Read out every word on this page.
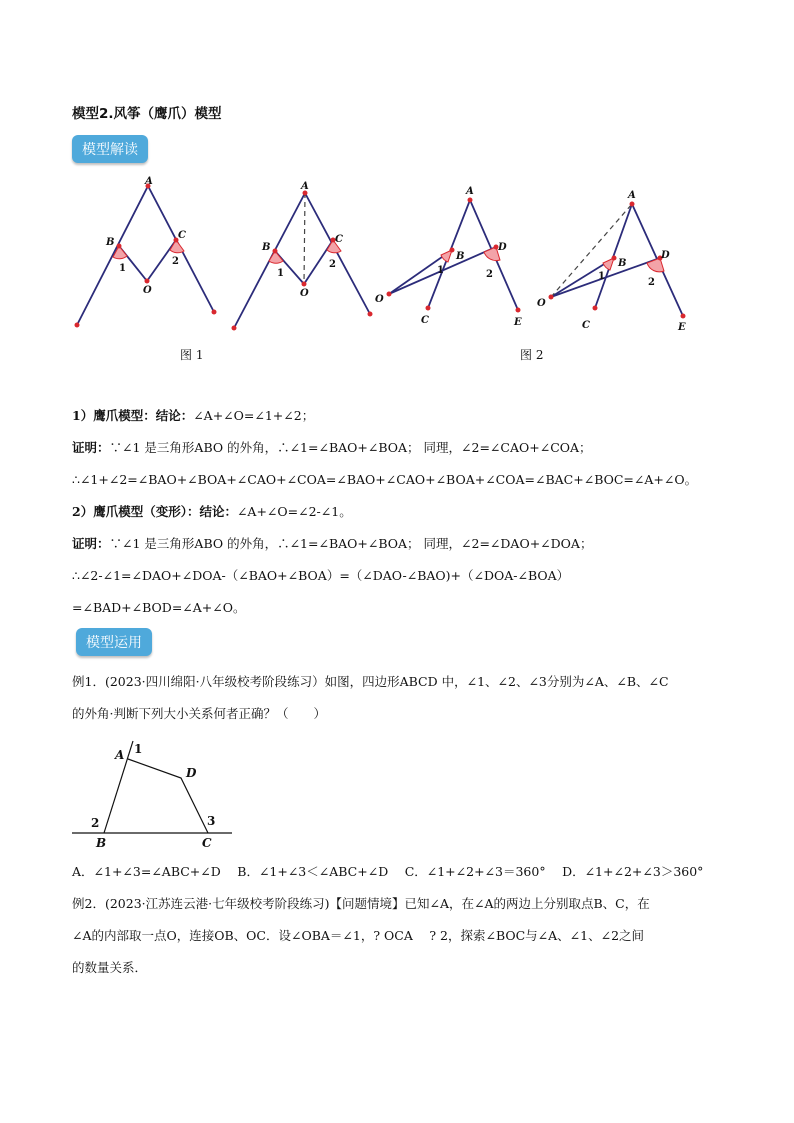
模型2.风筝（鹰爪）模型
模型解读
A
B
C
O
1
2
A
B
C
O
1
2
A
B
D
O
C	E
1	2
A
B
D
O
C	E
1
2
图 1	图 2
1）鹰爪模型：结论：∠A+∠O=∠1+∠2；
证明：∵∠1 是三角形ABO 的外角，∴∠1=∠BAO+∠BOA； 同理，∠2=∠CAO+∠COA；
∴∠1+∠2=∠BAO+∠BOA+∠CAO+∠COA=∠BAO+∠CAO+∠BOA+∠COA=∠BAC+∠BOC=∠A+∠O。
2）鹰爪模型（变形）：结论：∠A+∠O=∠2-∠1。
证明：∵∠1 是三角形ABO 的外角，∴∠1=∠BAO+∠BOA； 同理，∠2=∠DAO+∠DOA；
∴∠2-∠1=∠DAO+∠DOA-（∠BAO+∠BOA）=（∠DAO-∠BAO)+（∠DOA-∠BOA）
=∠BAD+∠BOD=∠A+∠O。
模型运用
例1．(2023·四川绵阳·八年级校考阶段练习）如图，四边形ABCD 中，∠1、∠2、∠3分别为∠A、∠B、∠C
的外角·判断下列大小关系何者正确？（　　）
A 1
D
2
B
3
C
A．∠1+∠3=∠ABC+∠D　 B．∠1+∠3＜∠ABC+∠D　 C．∠1+∠2+∠3＝360°　 D．∠1+∠2+∠3＞360°
例2．(2023·江苏连云港·七年级校考阶段练习)【问题情境】已知∠A，在∠A的两边上分别取点B、C，在
∠A的内部取一点O，连接OB、OC．设∠OBA＝∠1，? OCA　 ? 2，探索∠BOC与∠A、∠1、∠2之间
的数量关系．
